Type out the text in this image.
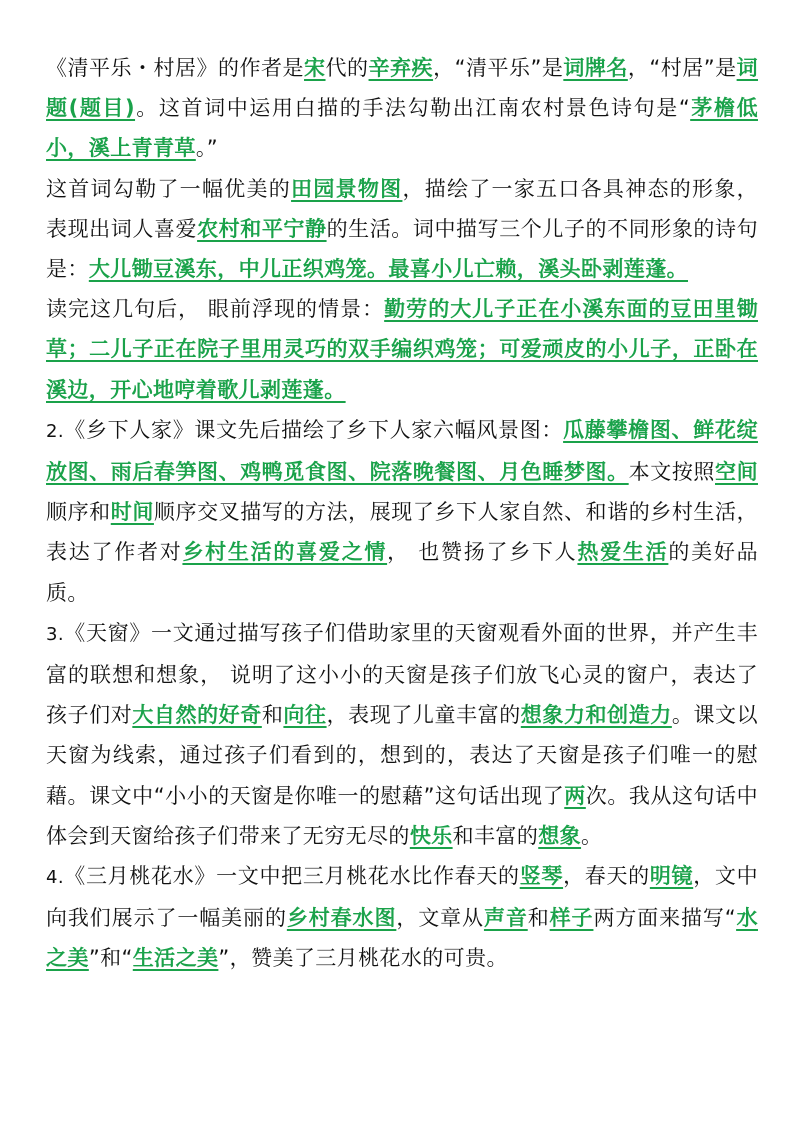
《清平乐・村居》的作者是宋代的辛弃疾，“清平乐”是词牌名，“村居”是词题(题目)。这首词中运用白描的手法勾勒出江南农村景色诗句是“茅檐低小，溪上青青草。”

这首词勾勒了一幅优美的田园景物图，描绘了一家五口各具神态的形象， 表现出词人喜爱农村和平宁静的生活。词中描写三个儿子的不同形象的诗句是：大儿锄豆溪东，中儿正织鸡笼。最喜小儿亡赖，溪头卧剥莲蓬。

读完这几句后， 眼前浮现的情景：勤劳的大儿子正在小溪东面的豆田里锄草；二儿子正在院子里用灵巧的双手编织鸡笼；可爱顽皮的小儿子，正卧在溪边，开心地哼着歌儿剥莲蓬。

2.《乡下人家》课文先后描绘了乡下人家六幅风景图：瓜藤攀檐图、鲜花绽放图、雨后春笋图、鸡鸭觅食图、院落晚餐图、月色睡梦图。本文按照空间顺序和时间顺序交叉描写的方法，展现了乡下人家自然、和谐的乡村生活， 表达了作者对乡村生活的喜爱之情， 也赞扬了乡下人热爱生活的美好品质。

3.《天窗》一文通过描写孩子们借助家里的天窗观看外面的世界，并产生丰富的联想和想象， 说明了这小小的天窗是孩子们放飞心灵的窗户，表达了孩子们对大自然的好奇和向往，表现了儿童丰富的想象力和创造力。课文以天窗为线索，通过孩子们看到的，想到的，表达了天窗是孩子们唯一的慰藉。课文中“小小的天窗是你唯一的慰藉”这句话出现了两次。我从这句话中体会到天窗给孩子们带来了无穷无尽的快乐和丰富的想象。

4.《三月桃花水》一文中把三月桃花水比作春天的竖琴，春天的明镜，文中向我们展示了一幅美丽的乡村春水图，文章从声音和样子两方面来描写“水之美”和“生活之美”，赞美了三月桃花水的可贵。
